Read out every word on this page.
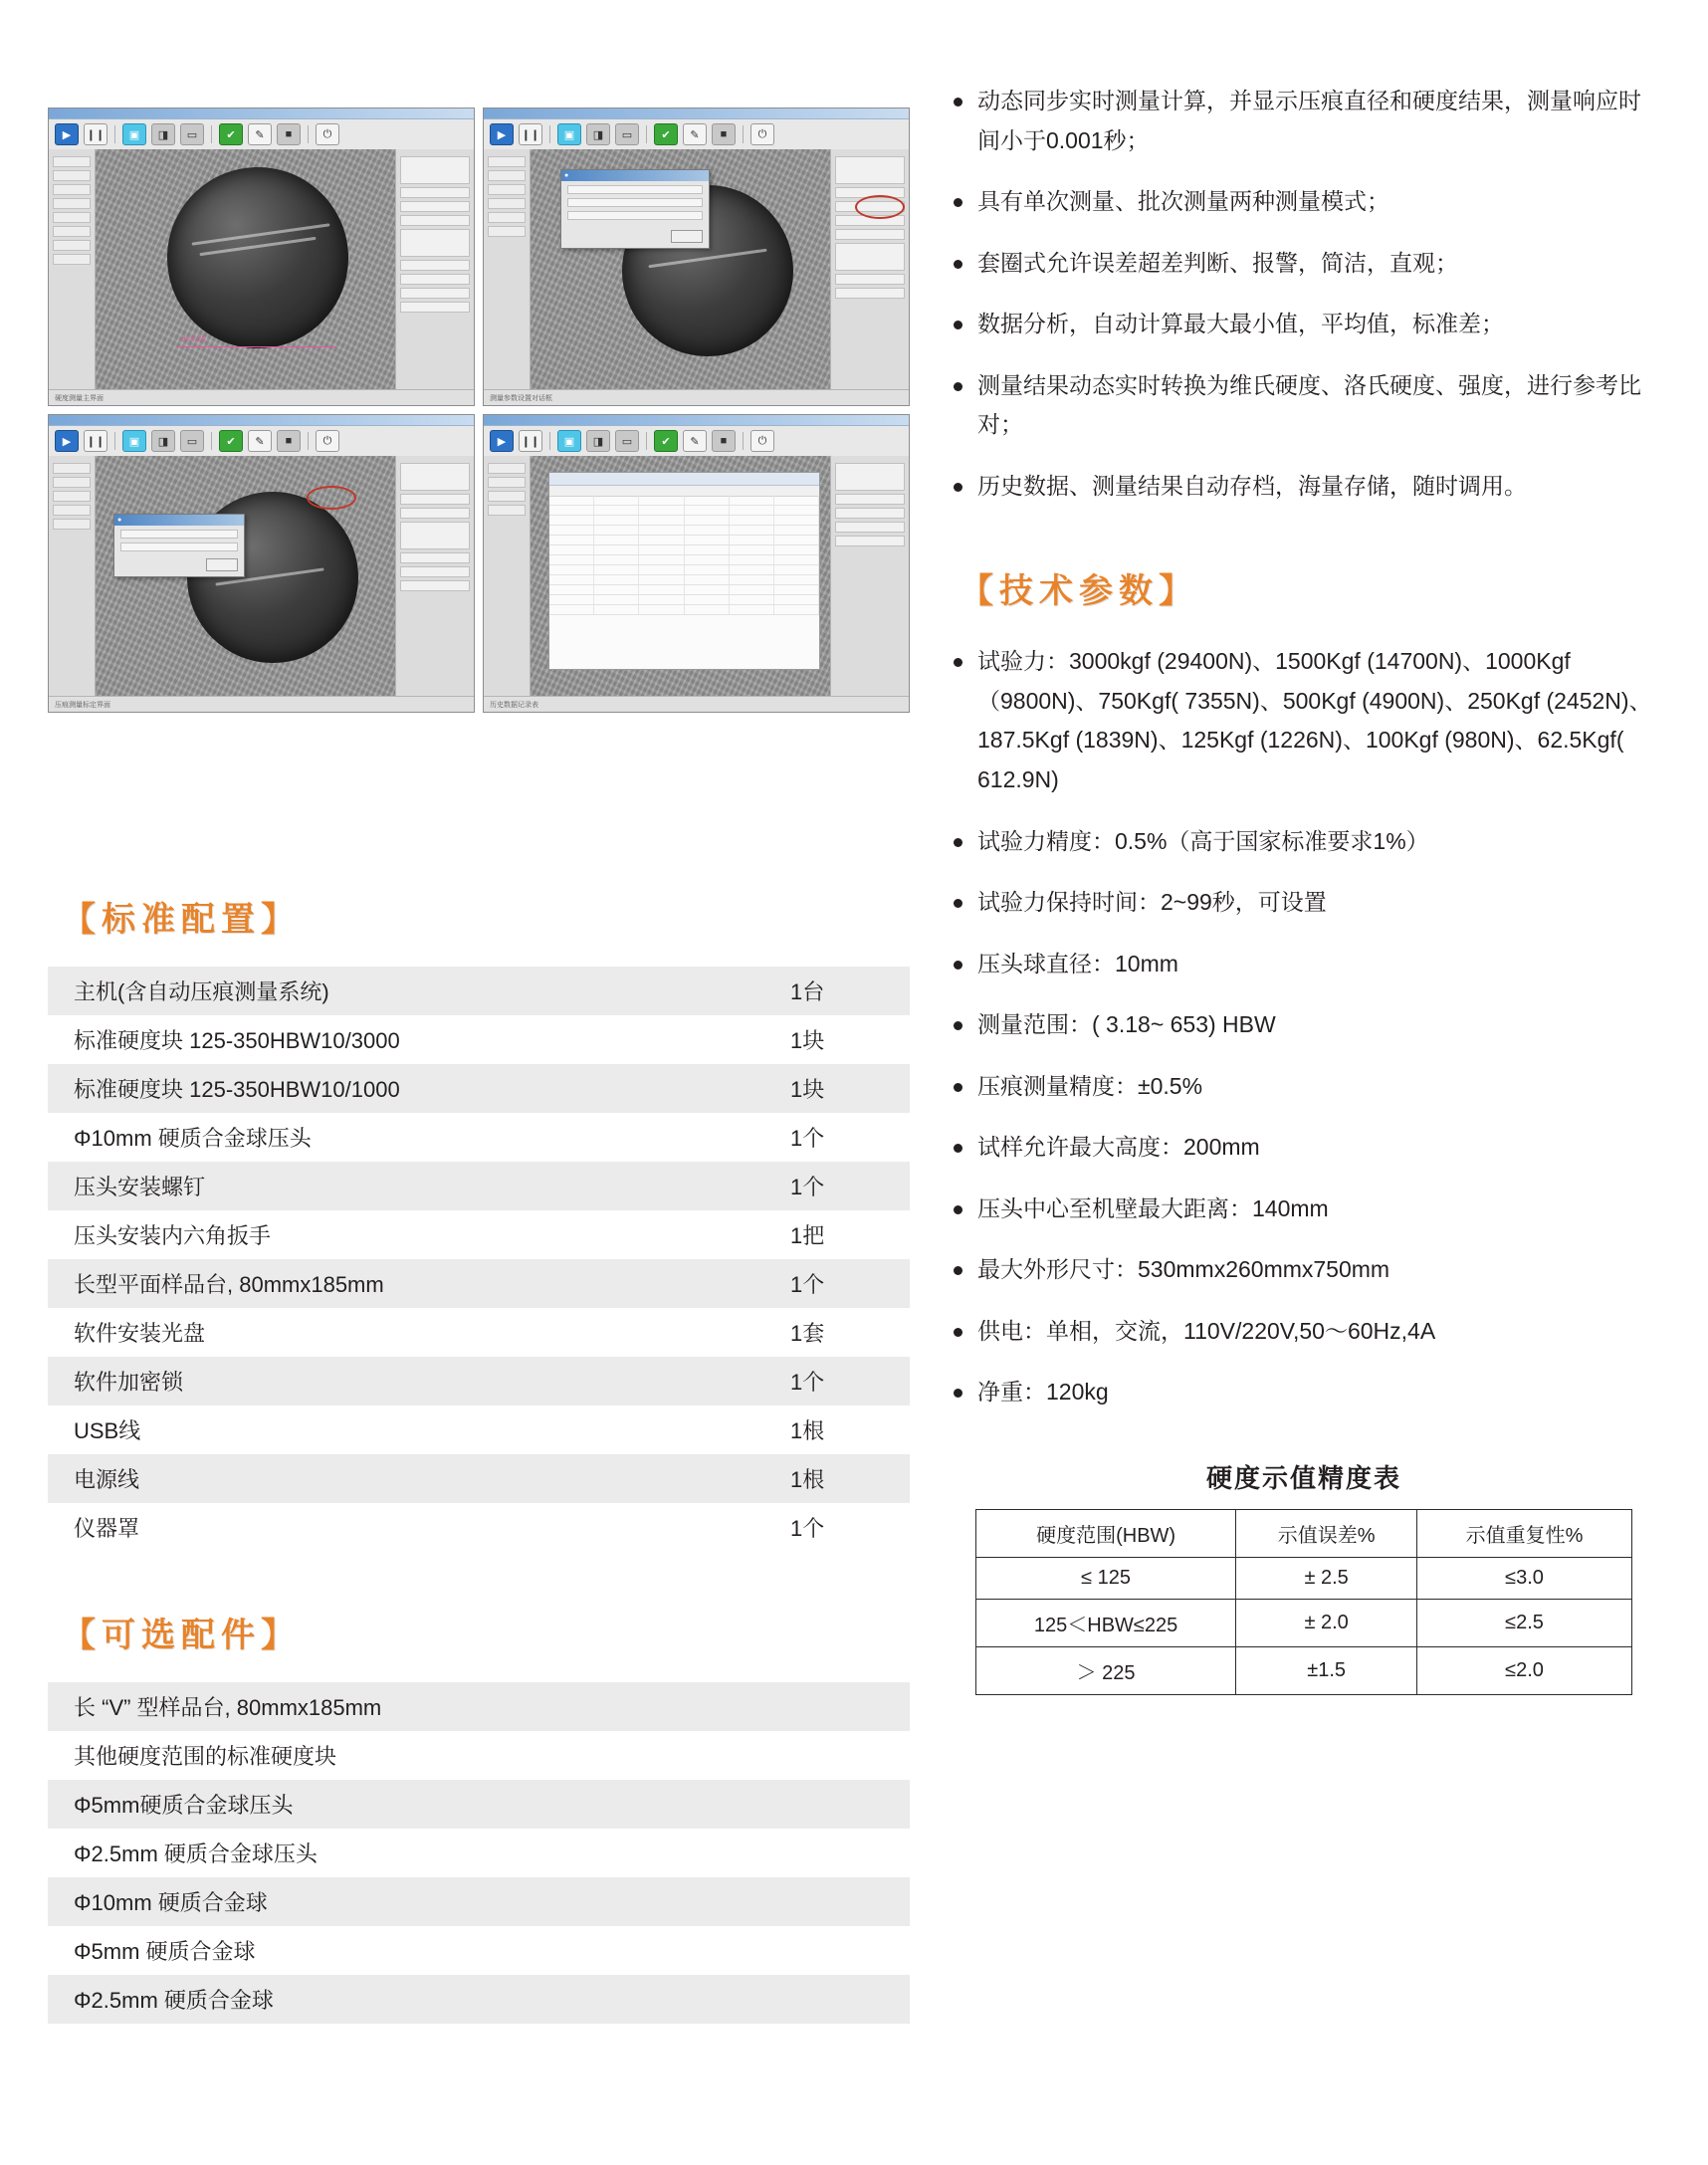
▶	❙❙	▣	◨	▭	✔	✎	■	⏻
d=4.25
硬度测量主界面
▶	❙❙	▣	◨	▭	✔	✎	■	⏻
●
测量参数设置对话框
▶	❙❙	▣	◨	▭	✔	✎	■	⏻
●
压痕测量标定界面
▶	❙❙	▣	◨	▭	✔	✎	■	⏻
历史数据记录表
【标准配置】
主机(含自动压痕测量系统)	1台
标准硬度块 125-350HBW10/3000	1块
标准硬度块 125-350HBW10/1000	1块
Φ10mm 硬质合金球压头	1个
压头安装螺钉	1个
压头安装内六角扳手	1把
长型平面样品台, 80mmx185mm	1个
软件安装光盘	1套
软件加密锁	1个
USB线	1根
电源线	1根
仪器罩	1个
【可选配件】
长 “V” 型样品台, 80mmx185mm
其他硬度范围的标准硬度块
Φ5mm硬质合金球压头
Φ2.5mm 硬质合金球压头
Φ10mm 硬质合金球
Φ5mm 硬质合金球
Φ2.5mm 硬质合金球
动态同步实时测量计算，并显示压痕直径和硬度结果，测量响应时间小于0.001秒；
具有单次测量、批次测量两种测量模式；
套圈式允许误差超差判断、报警，简洁，直观；
数据分析，自动计算最大最小值，平均值，标准差；
测量结果动态实时转换为维氏硬度、洛氏硬度、强度，进行参考比对；
历史数据、测量结果自动存档，海量存储，随时调用。
【技术参数】
试验力：3000kgf (29400N)、1500Kgf (14700N)、1000Kgf（9800N)、750Kgf( 7355N)、500Kgf (4900N)、250Kgf (2452N)、187.5Kgf (1839N)、125Kgf (1226N)、100Kgf (980N)、62.5Kgf( 612.9N)
试验力精度：0.5%（高于国家标准要求1%）
试验力保持时间：2~99秒，可设置
压头球直径：10mm
测量范围：( 3.18~ 653) HBW
压痕测量精度：±0.5%
试样允许最大高度：200mm
压头中心至机壁最大距离：140mm
最大外形尺寸：530mmx260mmx750mm
供电：单相，交流，110V/220V,50～60Hz,4A
净重：120kg
硬度示值精度表
硬度范围(HBW)	示值误差%	示值重复性%
≤ 125	± 2.5	≤3.0
125＜HBW≤225	± 2.0	≤2.5
＞ 225	±1.5	≤2.0
